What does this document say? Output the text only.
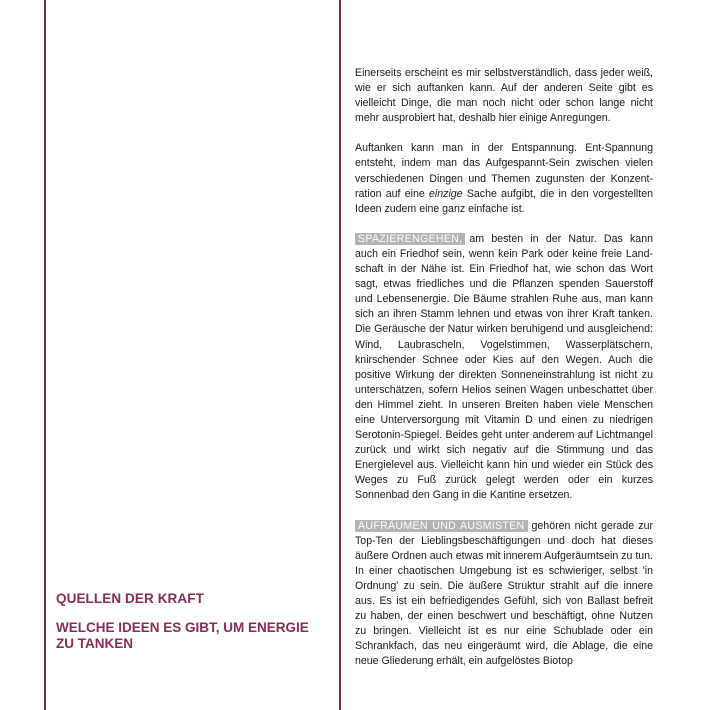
QUELLEN DER KRAFT
WELCHE IDEEN ES GIBT, UM ENERGIE ZU TANKEN

Einerseits erscheint es mir selbstverständlich, dass jeder weiß, wie er sich auftanken kann. Auf der anderen Seite gibt es vielleicht Dinge, die man noch nicht oder schon lange nicht mehr ausprobiert hat, deshalb hier einige Anregungen.

Auftanken kann man in der Entspannung. Ent-Spannung entsteht, indem man das Aufgespannt-Sein zwischen vielen verschiedenen Dingen und Themen zugunsten der Konzentration auf eine einzige Sache aufgibt, die in den vorgestellten Ideen zudem eine ganz einfache ist.

SPAZIERENGEHEN, am besten in der Natur. Das kann auch ein Friedhof sein, wenn kein Park oder keine freie Landschaft in der Nähe ist. Ein Friedhof hat, wie schon das Wort sagt, etwas friedliches und die Pflanzen spenden Sauerstoff und Lebensenergie. Die Bäume strahlen Ruhe aus, man kann sich an ihren Stamm lehnen und etwas von ihrer Kraft tanken. Die Geräusche der Natur wirken beruhigend und ausgleichend: Wind, Laubrascheln, Vogelstimmen, Wasserplätschern, knirschender Schnee oder Kies auf den Wegen. Auch die positive Wirkung der direkten Sonneneinstrahlung ist nicht zu unterschätzen, sofern Helios seinen Wagen unbeschattet über den Himmel zieht. In unseren Breiten haben viele Menschen eine Unterversorgung mit Vitamin D und einen zu niedrigen Serotonin-Spiegel. Beides geht unter anderem auf Lichtmangel zurück und wirkt sich negativ auf die Stimmung und das Energielevel aus. Vielleicht kann hin und wieder ein Stück des Weges zu Fuß zurück gelegt werden oder ein kurzes Sonnenbad den Gang in die Kantine ersetzen.

AUFRÄUMEN UND AUSMISTEN gehören nicht gerade zur Top-Ten der Lieblingsbeschäftigungen und doch hat dieses äußere Ordnen auch etwas mit innerem Aufgeräumtsein zu tun. In einer chaotischen Umgebung ist es schwieriger, selbst 'in Ordnung' zu sein. Die äußere Struktur strahlt auf die innere aus. Es ist ein befriedigendes Gefühl, sich von Ballast befreit zu haben, der einen beschwert und beschäftigt, ohne Nutzen zu bringen. Vielleicht ist es nur eine Schublade oder ein Schrankfach, das neu eingeräumt wird, die Ablage, die eine neue Gliederung erhält, ein aufgelöstes Biotop
